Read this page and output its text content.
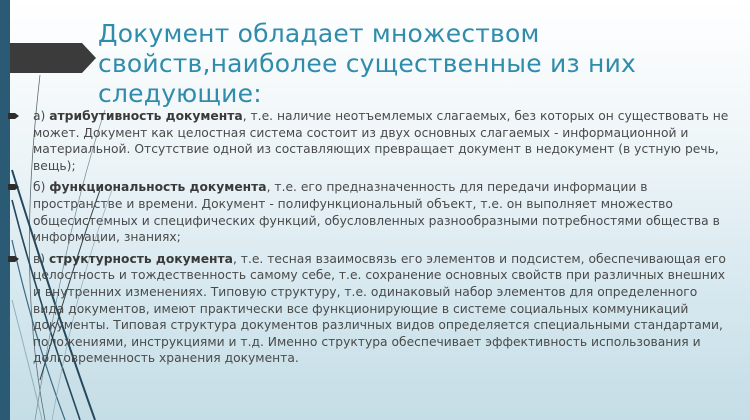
Документ обладает множеством
свойств,наиболее существенные из них
следующие:
а) атрибутивность документа, т.е. наличие неотъемлемых слагаемых, без которых он существовать не может. Документ как целостная система состоит из двух основных слагаемых - информационной и материальной. Отсутствие одной из составляющих превращает документ в недокумент (в устную речь, вещь);
б) функциональность документа, т.е. его предназначенность для передачи информации в пространстве и времени. Документ - полифункциональный объект, т.е. он выполняет множество общесистемных и специфических функций, обусловленных разнообразными потребностями общества в информации, знаниях;
в) структурность документа, т.е. тесная взаимосвязь его элементов и подсистем, обеспечивающая его целостность и тождественность самому себе, т.е. сохранение основных свойств при различных внешних и внутренних изменениях. Типовую структуру, т.е. одинаковый набор элементов для определенного вида документов, имеют практически все функционирующие в системе социальных коммуникаций документы. Типовая структура документов различных видов определяется специальными стандартами, положениями, инструкциями и т.д. Именно структура обеспечивает эффективность использования и долговременность хранения документа.
